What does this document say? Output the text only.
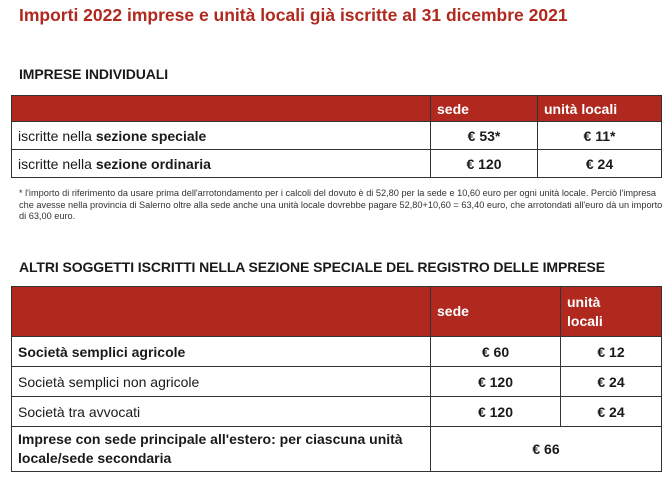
Importi 2022 imprese e unità locali già iscritte al 31 dicembre 2021
IMPRESE INDIVIDUALI
	sede	unità locali
iscritte nella sezione speciale	€ 53*	€ 11*
iscritte nella sezione ordinaria	€ 120	€ 24
* l'importo di riferimento da usare prima dell'arrotondamento per i calcoli del dovuto è di 52,80 per la sede e 10,60 euro per ogni unità locale. Perciò l'impresa che avesse nella provincia di Salerno oltre alla sede anche una unità locale dovrebbe pagare 52,80+10,60 = 63,40 euro, che arrotondati all'euro dà un importo di 63,00 euro.
ALTRI SOGGETTI ISCRITTI NELLA SEZIONE SPECIALE DEL REGISTRO DELLE IMPRESE
	sede	unità
locali
Società semplici agricole	€ 60	€ 12
Società semplici non agricole	€ 120	€ 24
Società tra avvocati	€ 120	€ 24
Imprese con sede principale all'estero: per ciascuna unità locale/sede secondaria	€ 66	
